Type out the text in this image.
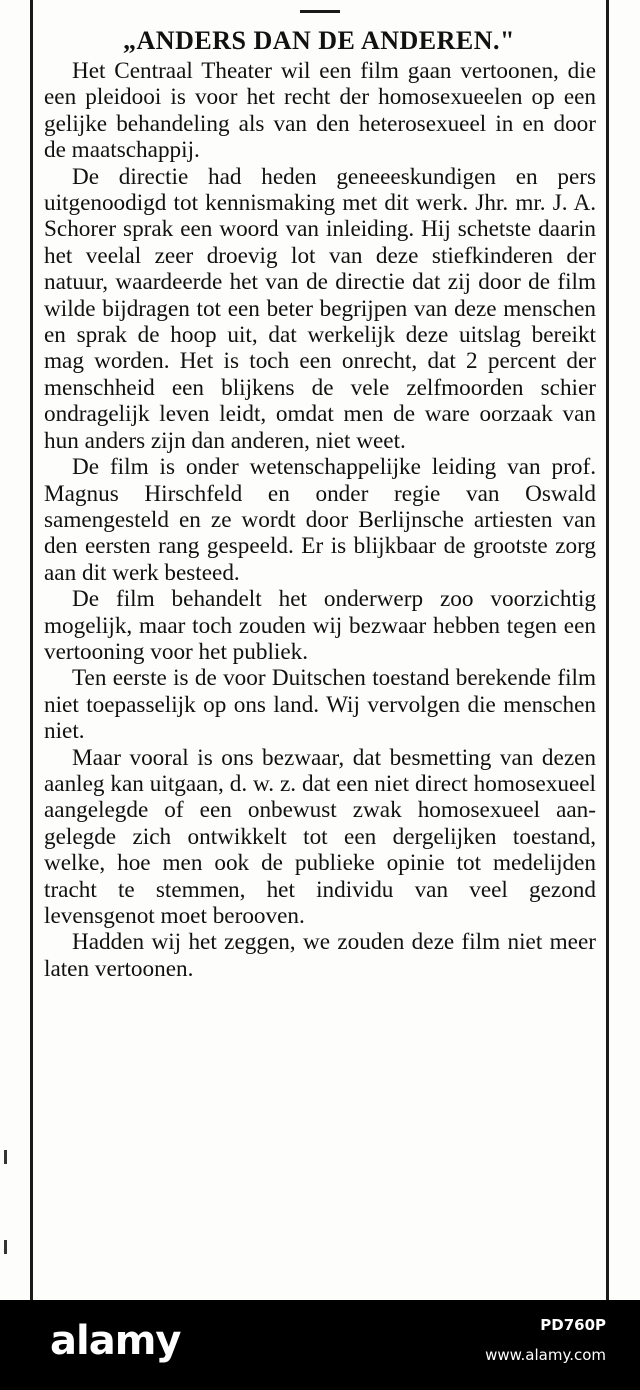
„ANDERS DAN DE ANDEREN."

Het Centraal Theater wil een film gaan vertoonen, die een pleidooi is voor het recht der homosexueelen op een gelijke behandeling als van den heterosexueel in en door de maatschappij.

De directie had heden geneeeskundigen en pers uitgenoodigd tot kennismaking met dit werk. Jhr. mr. J. A. Schorer sprak een woord van inleiding. Hij schetste daarin het veelal zeer droevig lot van deze stiefkinderen der natuur, waardeerde het van de directie dat zij door de film wilde bijdragen tot een beter begrijpen van deze menschen en sprak de hoop uit, dat werkelijk deze uitslag bereikt mag worden. Het is toch een onrecht, dat 2 percent der menschheid een blijkens de vele zelfmoorden schier ondragelijk leven leidt, omdat men de ware oorzaak van hun anders zijn dan anderen, niet weet.

De film is onder wetenschappelijke leiding van prof. Magnus Hirschfeld en onder regie van Oswald samengesteld en ze wordt door Berlijnsche artiesten van den eersten rang gespeeld. Er is blijkbaar de grootste zorg aan dit werk besteed.

De film behandelt het onderwerp zoo voorzichtig mogelijk, maar toch zouden wij bezwaar hebben tegen een vertooning voor het publiek.

Ten eerste is de voor Duitschen toestand berekende film niet toepasselijk op ons land. Wij vervolgen die menschen niet.

Maar vooral is ons bezwaar, dat besmetting van dezen aanleg kan uitgaan, d. w. z. dat een niet direct homosexueel aangelegde of een onbewust zwak homosexueel aangelegde zich ontwikkelt tot een dergelijken toestand, welke, hoe men ook de publieke opinie tot medelijden tracht te stemmen, het individu van veel gezond levensgenot moet berooven.

Hadden wij het zeggen, we zouden deze film niet meer laten vertoonen.

alamy	PD760P
www.alamy.com
